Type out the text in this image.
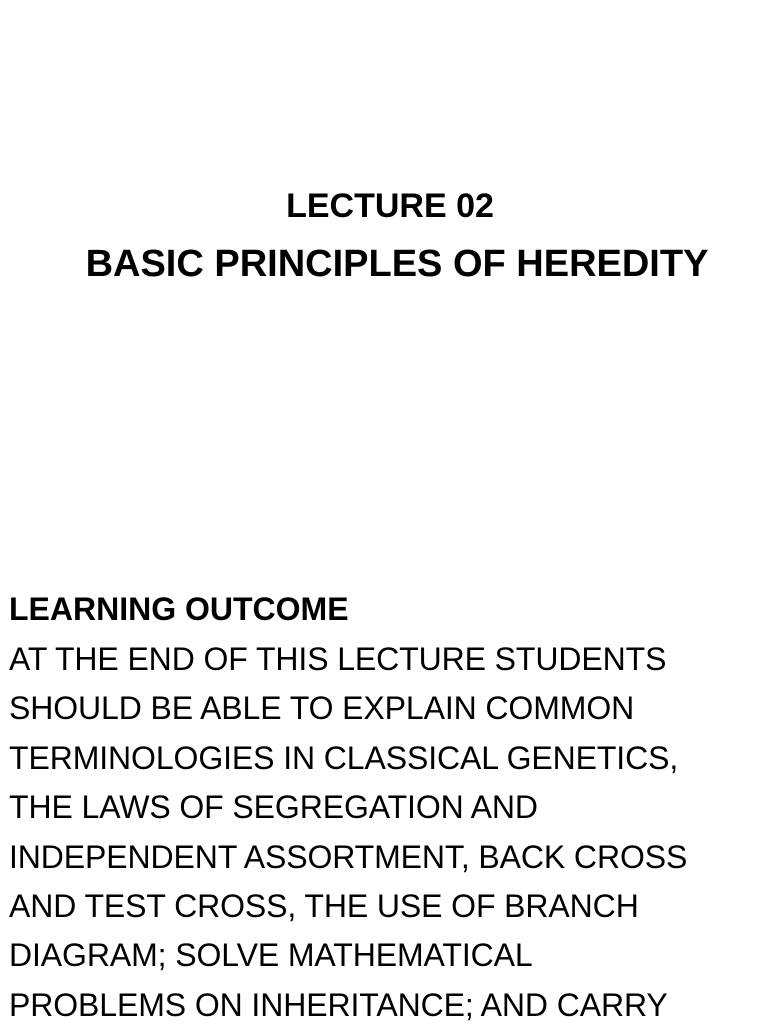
LECTURE 02
BASIC PRINCIPLES OF HEREDITY
LEARNING OUTCOME
AT THE END OF THIS LECTURE STUDENTS
SHOULD BE ABLE TO EXPLAIN COMMON
TERMINOLOGIES IN CLASSICAL GENETICS,
THE LAWS OF SEGREGATION AND
INDEPENDENT ASSORTMENT, BACK CROSS
AND TEST CROSS, THE USE OF BRANCH
DIAGRAM; SOLVE MATHEMATICAL
PROBLEMS ON INHERITANCE; AND CARRY
